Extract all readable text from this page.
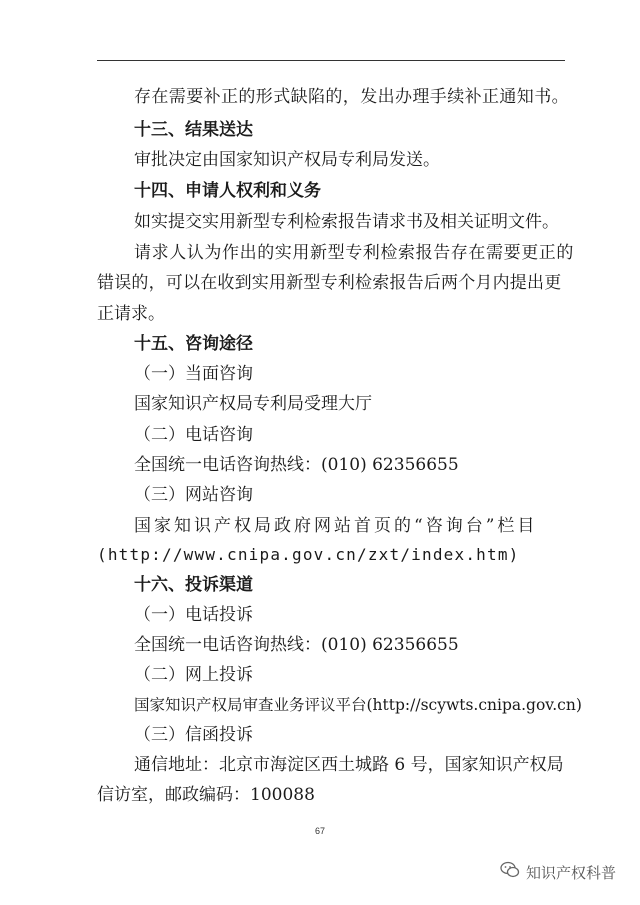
存在需要补正的形式缺陷的，发出办理手续补正通知书。
十三、结果送达
审批决定由国家知识产权局专利局发送。
十四、申请人权利和义务
如实提交实用新型专利检索报告请求书及相关证明文件。
请求人认为作出的实用新型专利检索报告存在需要更正的
错误的，可以在收到实用新型专利检索报告后两个月内提出更
正请求。
十五、咨询途径
（一）当面咨询
国家知识产权局专利局受理大厅
（二）电话咨询
全国统一电话咨询热线：(010) 62356655
（三）网站咨询
国家知识产权局政府网站首页的“咨询台”栏目
(http://www.cnipa.gov.cn/zxt/index.htm)
十六、投诉渠道
（一）电话投诉
全国统一电话咨询热线：(010) 62356655
（二）网上投诉
国家知识产权局审查业务评议平台(http://scywts.cnipa.gov.cn)
（三）信函投诉
通信地址：北京市海淀区西土城路 6 号，国家知识产权局
信访室，邮政编码：100088
67
知识产权科普
